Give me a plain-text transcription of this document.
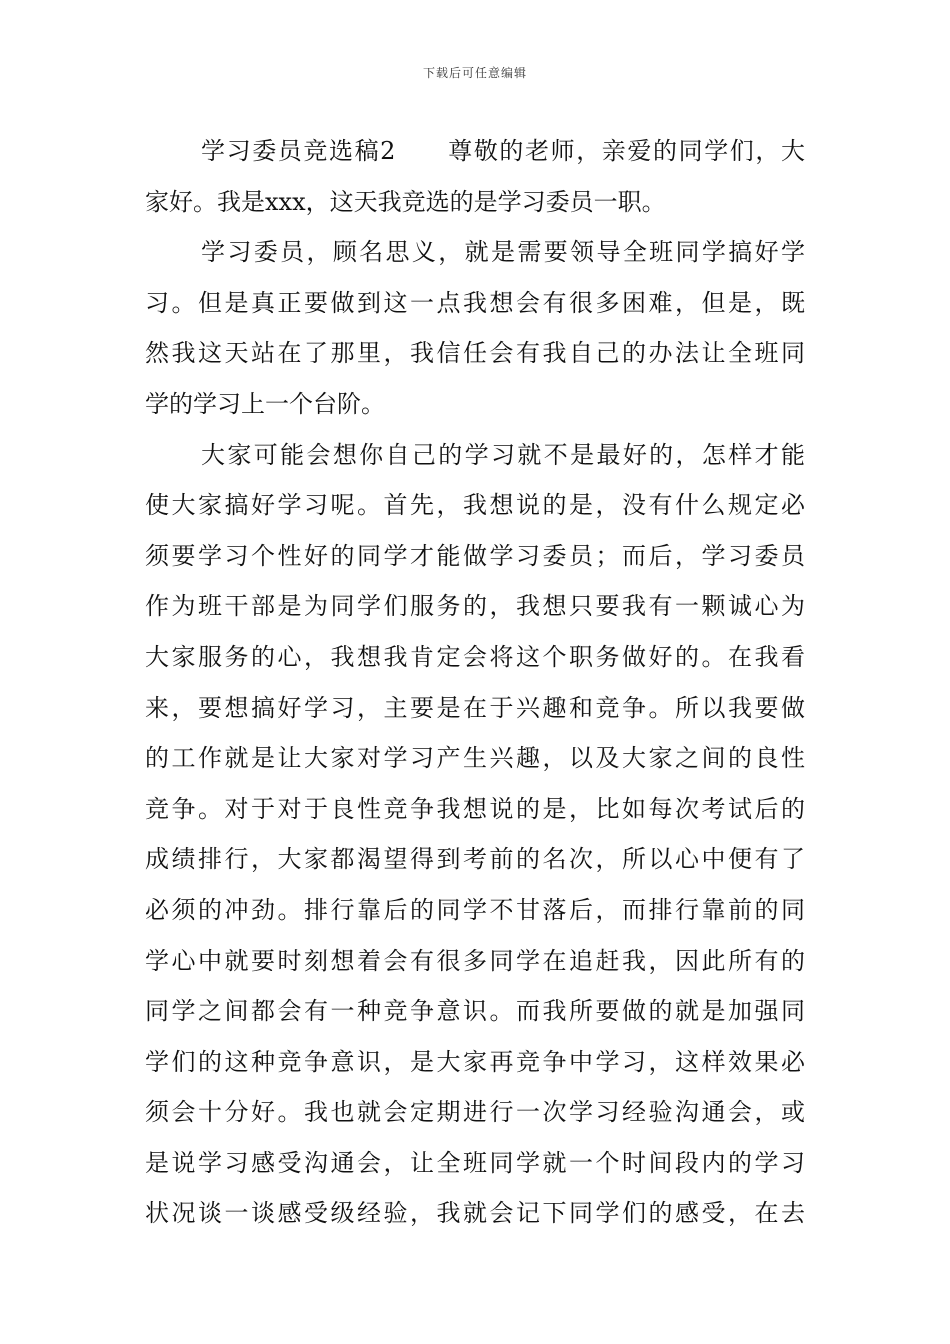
下载后可任意编辑
学习委员竞选稿2　　尊敬的老师，亲爱的同学们，大
家好。我是xxx，这天我竞选的是学习委员一职。
学习委员，顾名思义，就是需要领导全班同学搞好学
习。但是真正要做到这一点我想会有很多困难，但是，既
然我这天站在了那里，我信任会有我自己的办法让全班同
学的学习上一个台阶。
大家可能会想你自己的学习就不是最好的，怎样才能
使大家搞好学习呢。首先，我想说的是，没有什么规定必
须要学习个性好的同学才能做学习委员；而后，学习委员
作为班干部是为同学们服务的，我想只要我有一颗诚心为
大家服务的心，我想我肯定会将这个职务做好的。在我看
来，要想搞好学习，主要是在于兴趣和竞争。所以我要做
的工作就是让大家对学习产生兴趣，以及大家之间的良性
竞争。对于对于良性竞争我想说的是，比如每次考试后的
成绩排行，大家都渴望得到考前的名次，所以心中便有了
必须的冲劲。排行靠后的同学不甘落后，而排行靠前的同
学心中就要时刻想着会有很多同学在追赶我，因此所有的
同学之间都会有一种竞争意识。而我所要做的就是加强同
学们的这种竞争意识，是大家再竞争中学习，这样效果必
须会十分好。我也就会定期进行一次学习经验沟通会，或
是说学习感受沟通会，让全班同学就一个时间段内的学习
状况谈一谈感受级经验，我就会记下同学们的感受，在去
